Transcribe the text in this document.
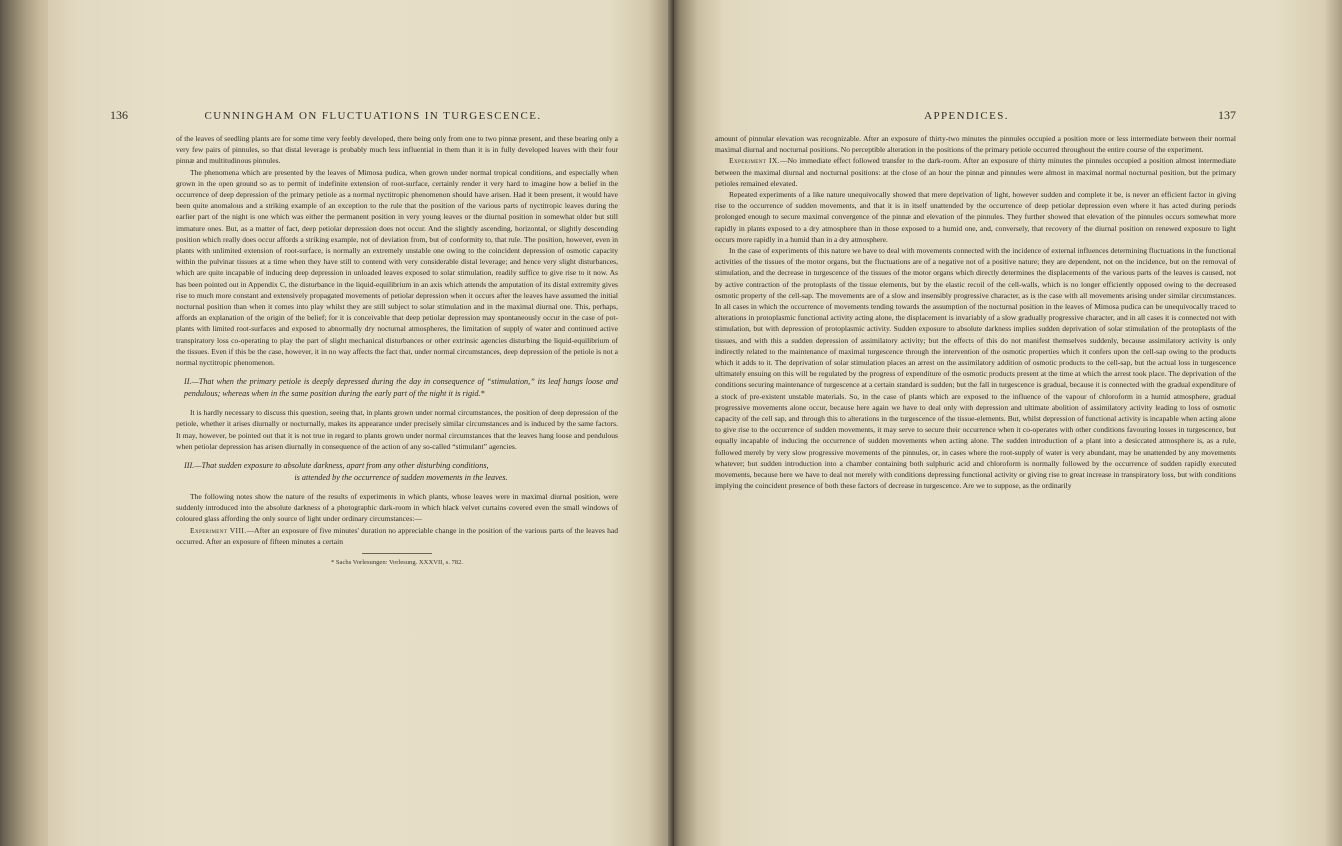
136	CUNNINGHAM ON FLUCTUATIONS IN TURGESCENCE.

of the leaves of seedling plants are for some time very feebly developed, there being only from one to two pinnæ present, and these bearing only a very few pairs of pinnules, so that distal leverage is probably much less influential in them than it is in fully developed leaves with their four pinnæ and multitudinous pinnules.

The phenomena which are presented by the leaves of Mimosa pudica, when grown under normal tropical conditions, and especially when grown in the open ground so as to permit of indefinite extension of root-surface, certainly render it very hard to imagine how a belief in the occurrence of deep depression of the primary petiole as a normal nyctitropic phenomenon should have arisen. Had it been present, it would have been quite anomalous and a striking example of an exception to the rule that the position of the various parts of nyctitropic leaves during the earlier part of the night is one which was either the permanent position in very young leaves or the diurnal position in somewhat older but still immature ones. But, as a matter of fact, deep petiolar depression does not occur. And the slightly ascending, horizontal, or slightly descending position which really does occur affords a striking example, not of deviation from, but of conformity to, that rule. The position, however, even in plants with unlimited extension of root-surface, is normally an extremely unstable one owing to the coincident depression of osmotic capacity within the pulvinar tissues at a time when they have still to contend with very considerable distal leverage; and hence very slight disturbances, which are quite incapable of inducing deep depression in unloaded leaves exposed to solar stimulation, readily suffice to give rise to it now. As has been pointed out in Appendix C, the disturbance in the liquid-equilibrium in an axis which attends the amputation of its distal extremity gives rise to much more constant and extensively propagated movements of petiolar depression when it occurs after the leaves have assumed the initial nocturnal position than when it comes into play whilst they are still subject to solar stimulation and in the maximal diurnal one. This, perhaps, affords an explanation of the origin of the belief; for it is conceivable that deep petiolar depression may spontaneously occur in the case of pot-plants with limited root-surfaces and exposed to abnormally dry nocturnal atmospheres, the limitation of supply of water and continued active transpiratory loss co-operating to play the part of slight mechanical disturbances or other extrinsic agencies disturbing the liquid-equilibrium of the tissues. Even if this be the case, however, it in no way affects the fact that, under normal circumstances, deep depression of the petiole is not a normal nyctitropic phenomenon.

II.—That when the primary petiole is deeply depressed during the day in consequence of “stimulation,” its leaf hangs loose and pendulous; whereas when in the same position during the early part of the night it is rigid.*

It is hardly necessary to discuss this question, seeing that, in plants grown under normal circumstances, the position of deep depression of the petiole, whether it arises diurnally or nocturnally, makes its appearance under precisely similar circumstances and is induced by the same factors. It may, however, be pointed out that it is not true in regard to plants grown under normal circumstances that the leaves hang loose and pendulous when petiolar depression has arisen diurnally in consequence of the action of any so-called “stimulant” agencies.

III.—That sudden exposure to absolute darkness, apart from any other disturbing conditions,
is attended by the occurrence of sudden movements in the leaves.

The following notes show the nature of the results of experiments in which plants, whose leaves were in maximal diurnal position, were suddenly introduced into the absolute darkness of a photographic dark-room in which black velvet curtains covered even the small windows of coloured glass affording the only source of light under ordinary circumstances:—

Experiment VIII.—After an exposure of five minutes' duration no appreciable change in the position of the various parts of the leaves had occurred. After an exposure of fifteen minutes a certain

* Sachs Vorlesungen: Vorlesung. XXXVII, s. 782.

APPENDICES.	137

amount of pinnular elevation was recognizable. After an exposure of thirty-two minutes the pinnules occupied a position more or less intermediate between their normal maximal diurnal and nocturnal positions. No perceptible alteration in the positions of the primary petiole occurred throughout the entire course of the experiment.

Experiment IX.—No immediate effect followed transfer to the dark-room. After an exposure of thirty minutes the pinnules occupied a position almost intermediate between the maximal diurnal and nocturnal positions: at the close of an hour the pinnæ and pinnules were almost in maximal normal nocturnal position, but the primary petioles remained elevated.

Repeated experiments of a like nature unequivocally showed that mere deprivation of light, however sudden and complete it be, is never an efficient factor in giving rise to the occurrence of sudden movements, and that it is in itself unattended by the occurrence of deep petiolar depression even where it has acted during periods prolonged enough to secure maximal convergence of the pinnæ and elevation of the pinnules. They further showed that elevation of the pinnules occurs somewhat more rapidly in plants exposed to a dry atmosphere than in those exposed to a humid one, and, conversely, that recovery of the diurnal position on renewed exposure to light occurs more rapidly in a humid than in a dry atmosphere.

In the case of experiments of this nature we have to deal with movements connected with the incidence of external influences determining fluctuations in the functional activities of the tissues of the motor organs, but the fluctuations are of a negative not of a positive nature; they are dependent, not on the incidence, but on the removal of stimulation, and the decrease in turgescence of the tissues of the motor organs which directly determines the displacements of the various parts of the leaves is caused, not by active contraction of the protoplasts of the tissue elements, but by the elastic recoil of the cell-walls, which is no longer efficiently opposed owing to the decreased osmotic property of the cell-sap. The movements are of a slow and insensibly progressive character, as is the case with all movements arising under similar circumstances. In all cases in which the occurrence of movements tending towards the assumption of the nocturnal position in the leaves of Mimosa pudica can be unequivocally traced to alterations in protoplasmic functional activity acting alone, the displacement is invariably of a slow gradually progressive character, and in all cases it is connected not with stimulation, but with depression of protoplasmic activity. Sudden exposure to absolute darkness implies sudden deprivation of solar stimulation of the protoplasts of the tissues, and with this a sudden depression of assimilatory activity; but the effects of this do not manifest themselves suddenly, because assimilatory activity is only indirectly related to the maintenance of maximal turgescence through the intervention of the osmotic properties which it confers upon the cell-sap owing to the products which it adds to it. The deprivation of solar stimulation places an arrest on the assimilatory addition of osmotic products to the cell-sap, but the actual loss in turgescence ultimately ensuing on this will be regulated by the progress of expenditure of the osmotic products present at the time at which the arrest took place. The deprivation of the conditions securing maintenance of turgescence at a certain standard is sudden; but the fall in turgescence is gradual, because it is connected with the gradual expenditure of a stock of pre-existent unstable materials. So, in the case of plants which are exposed to the influence of the vapour of chloroform in a humid atmosphere, gradual progressive movements alone occur, because here again we have to deal only with depression and ultimate abolition of assimilatory activity leading to loss of osmotic capacity of the cell sap, and through this to alterations in the turgescence of the tissue-elements. But, whilst depression of functional activity is incapable when acting alone to give rise to the occurrence of sudden movements, it may serve to secure their occurrence when it co-operates with other conditions favouring losses in turgescence, but equally incapable of inducing the occurrence of sudden movements when acting alone. The sudden introduction of a plant into a desiccated atmosphere is, as a rule, followed merely by very slow progressive movements of the pinnules, or, in cases where the root-supply of water is very abundant, may be unattended by any movements whatever; but sudden introduction into a chamber containing both sulphuric acid and chloroform is normally followed by the occurrence of sudden rapidly executed movements, because here we have to deal not merely with conditions depressing functional activity or giving rise to great increase in transpiratory loss, but with conditions implying the coincident presence of both these factors of decrease in turgescence. Are we to suppose, as the ordinarily
